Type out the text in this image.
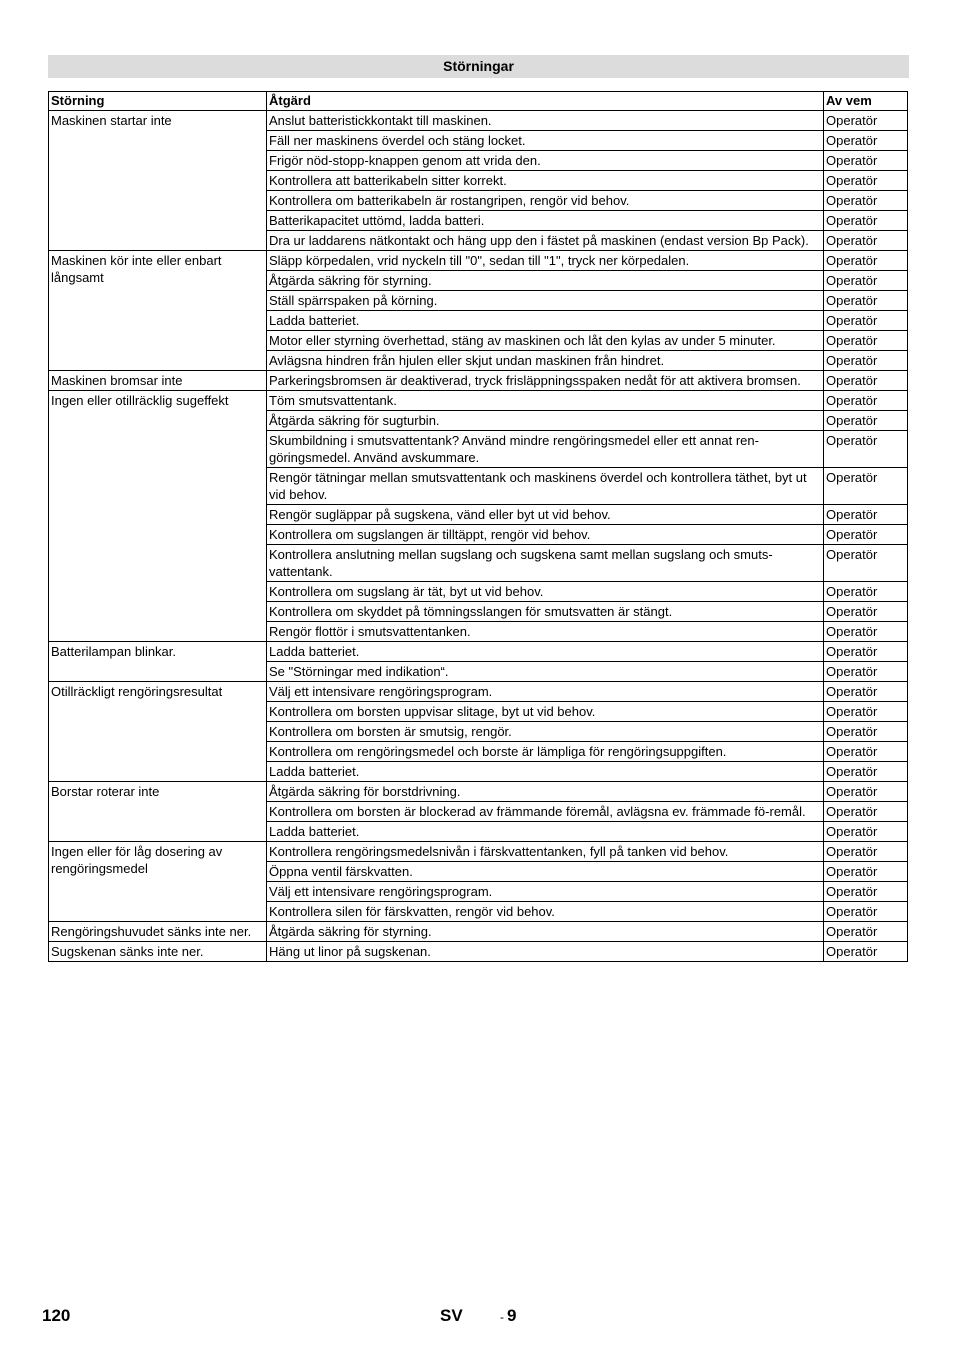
Störningar
Störning	Åtgärd	Av vem
Maskinen startar inte	Anslut batteristickkontakt till maskinen.	Operatör
	Fäll ner maskinens överdel och stäng locket.	Operatör
	Frigör nöd-stopp-knappen genom att vrida den.	Operatör
	Kontrollera att batterikabeln sitter korrekt.	Operatör
	Kontrollera om batterikabeln är rostangripen, rengör vid behov.	Operatör
	Batterikapacitet uttömd, ladda batteri.	Operatör
	Dra ur laddarens nätkontakt och häng upp den i fästet på maskinen (endast version Bp Pack).	Operatör
Maskinen kör inte eller enbart långsamt	Släpp körpedalen, vrid nyckeln till "0", sedan till "1", tryck ner körpedalen.	Operatör
	Åtgärda säkring för styrning.	Operatör
	Ställ spärrspaken på körning.	Operatör
	Ladda batteriet.	Operatör
	Motor eller styrning överhettad, stäng av maskinen och låt den kylas av under 5 minuter.	Operatör
	Avlägsna hindren från hjulen eller skjut undan maskinen från hindret.	Operatör
Maskinen bromsar inte	Parkeringsbromsen är deaktiverad, tryck frisläppningsspaken nedåt för att aktivera bromsen.	Operatör
Ingen eller otillräcklig sugeffekt	Töm smutsvattentank.	Operatör
	Åtgärda säkring för sugturbin.	Operatör
	Skumbildning i smutsvattentank? Använd mindre rengöringsmedel eller ett annat ren-göringsmedel. Använd avskummare.	Operatör
	Rengör tätningar mellan smutsvattentank och maskinens överdel och kontrollera täthet, byt ut vid behov.	Operatör
	Rengör sugläppar på sugskena, vänd eller byt ut vid behov.	Operatör
	Kontrollera om sugslangen är tilltäppt, rengör vid behov.	Operatör
	Kontrollera anslutning mellan sugslang och sugskena samt mellan sugslang och smuts-vattentank.	Operatör
	Kontrollera om sugslang är tät, byt ut vid behov.	Operatör
	Kontrollera om skyddet på tömningsslangen för smutsvatten är stängt.	Operatör
	Rengör flottör i smutsvattentanken.	Operatör
Batterilampan blinkar.	Ladda batteriet.	Operatör
	Se "Störningar med indikation“.	Operatör
Otillräckligt rengöringsresultat	Välj ett intensivare rengöringsprogram.	Operatör
	Kontrollera om borsten uppvisar slitage, byt ut vid behov.	Operatör
	Kontrollera om borsten är smutsig, rengör.	Operatör
	Kontrollera om rengöringsmedel och borste är lämpliga för rengöringsuppgiften.	Operatör
	Ladda batteriet.	Operatör
Borstar roterar inte	Åtgärda säkring för borstdrivning.	Operatör
	Kontrollera om borsten är blockerad av främmande föremål, avlägsna ev. främmade fö-remål.	Operatör
	Ladda batteriet.	Operatör
Ingen eller för låg dosering av rengöringsmedel	Kontrollera rengöringsmedelsnivån i färskvattentanken, fyll på tanken vid behov.	Operatör
	Öppna ventil färskvatten.	Operatör
	Välj ett intensivare rengöringsprogram.	Operatör
	Kontrollera silen för färskvatten, rengör vid behov.	Operatör
Rengöringshuvudet sänks inte ner.	Åtgärda säkring för styrning.	Operatör
Sugskenan sänks inte ner.	Häng ut linor på sugskenan.	Operatör
120	SV	- 9
